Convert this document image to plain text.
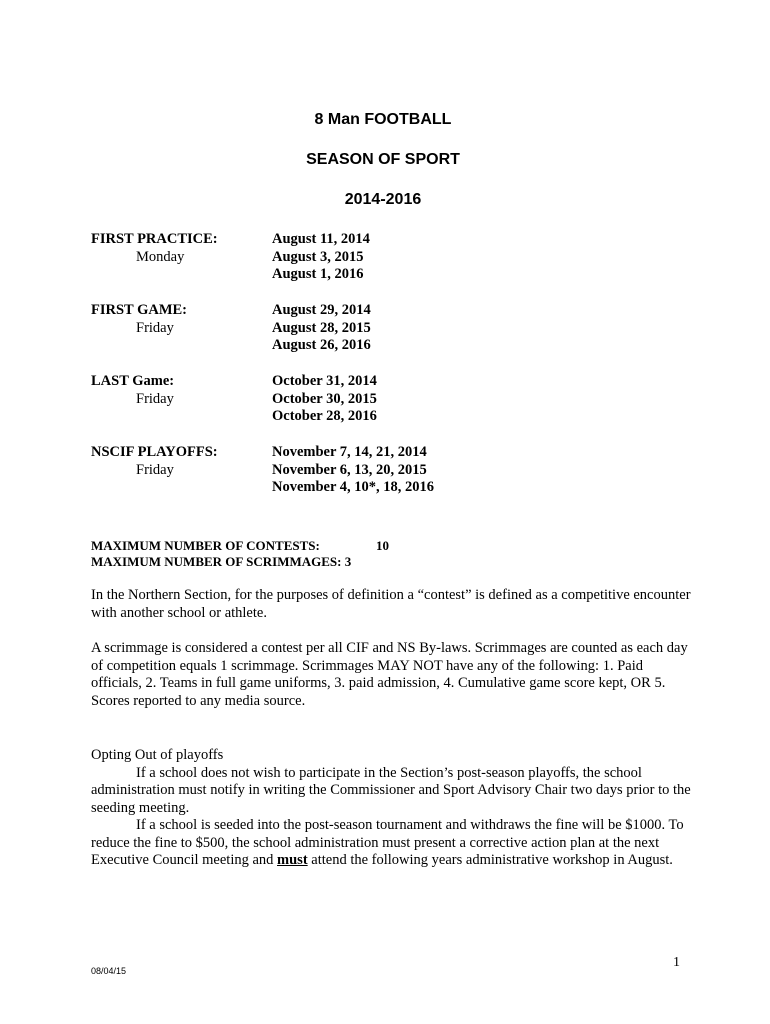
8 Man FOOTBALL
SEASON OF SPORT
2014-2016
FIRST PRACTICE:
Monday
August 11, 2014
August 3, 2015
August 1, 2016
FIRST GAME:
Friday
August 29, 2014
August 28, 2015
August 26, 2016
LAST Game:
Friday
October 31, 2014
October 30, 2015
October 28, 2016
NSCIF PLAYOFFS:
Friday
November 7, 14, 21, 2014
November 6, 13, 20, 2015
November 4, 10*, 18, 2016
MAXIMUM NUMBER OF CONTESTS:	10
MAXIMUM NUMBER OF SCRIMMAGES: 3

In the Northern Section, for the purposes of definition a “contest” is defined as a competitive encounter with another school or athlete.

A scrimmage is considered a contest per all CIF and NS By-laws. Scrimmages are counted as each day of competition equals 1 scrimmage. Scrimmages MAY NOT have any of the following: 1. Paid officials, 2. Teams in full game uniforms, 3. paid admission, 4. Cumulative game score kept, OR 5. Scores reported to any media source.

Opting Out of playoffs

If a school does not wish to participate in the Section’s post-season playoffs, the school administration must notify in writing the Commissioner and Sport Advisory Chair two days prior to the seeding meeting.

If a school is seeded into the post-season tournament and withdraws the fine will be $1000. To reduce the fine to $500, the school administration must present a corrective action plan at the next Executive Council meeting and must attend the following years administrative workshop in August.

1
08/04/15
